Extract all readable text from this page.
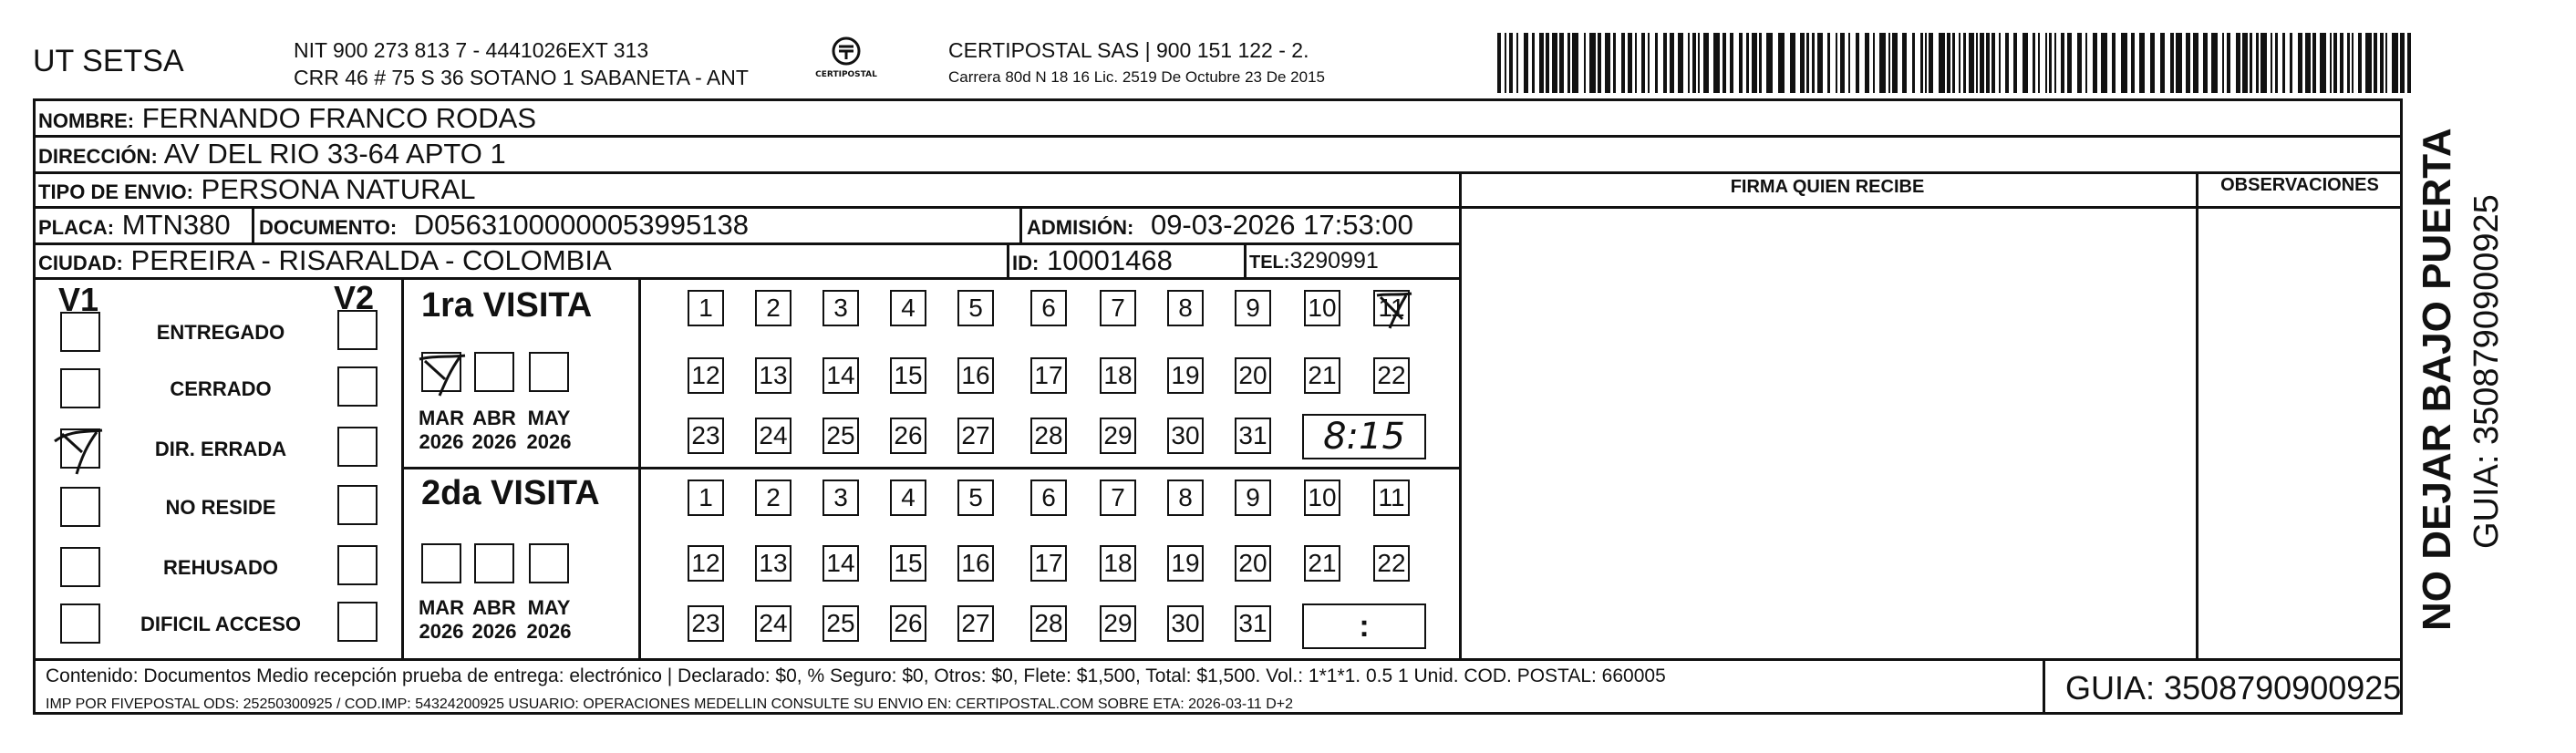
UT SETSA	NIT 900 273 813 7 - 4441026EXT 313
CRR 46 # 75 S 36 SOTANO 1 SABANETA - ANT	CERTIPOSTAL
CERTIPOSTAL SAS | 900 151 122 - 2.
Carrera 80d N 18 16 Lic. 2519 De Octubre 23 De 2015
NOMBRE: FERNANDO FRANCO RODAS
DIRECCIÓN: AV DEL RIO 33-64 APTO 1
TIPO DE ENVIO: PERSONA NATURAL	FIRMA QUIEN RECIBE	OBSERVACIONES
PLACA: MTN380 DOCUMENTO: D05631000000053995138	ADMISIÓN: 09-03-2026 17:53:00
CIUDAD: PEREIRA - RISARALDA - COLOMBIA	ID: 10001468	TEL:3290991
V1	V2
ENTREGADO
CERRADO
DIR. ERRADA
NO RESIDE
REHUSADO
DIFICIL ACCESO
1ra VISITA
MAR
2026
ABR
2026
MAY
2026
1	2	3	4	5	6	7	8	9	10 11
12 13 14 15 16 17 18 19 20 21 22
23 24 25 26 27 28 29 30 31	8:15
2da VISITA
MAR
2026
ABR
2026
MAY
2026
1	2	3	4	5	6	7	8	9	10 11
12 13 14 15 16 17 18 19 20 21 22
23 24 25 26 27 28 29 30 31	:
Contenido: Documentos Medio recepción prueba de entrega: electrónico | Declarado: $0, % Seguro: $0, Otros: $0, Flete: $1,500, Total: $1,500. Vol.: 1*1*1. 0.5 1 Unid. COD. POSTAL: 660005
IMP POR FIVEPOSTAL ODS: 25250300925 / COD.IMP: 54324200925 USUARIO: OPERACIONES MEDELLIN CONSULTE SU ENVIO EN: CERTIPOSTAL.COM SOBRE ETA: 2026-03-11 D+2	GUIA: 3508790900925
NO DEJAR BAJO PUERTA GUIA: 3508790900925
